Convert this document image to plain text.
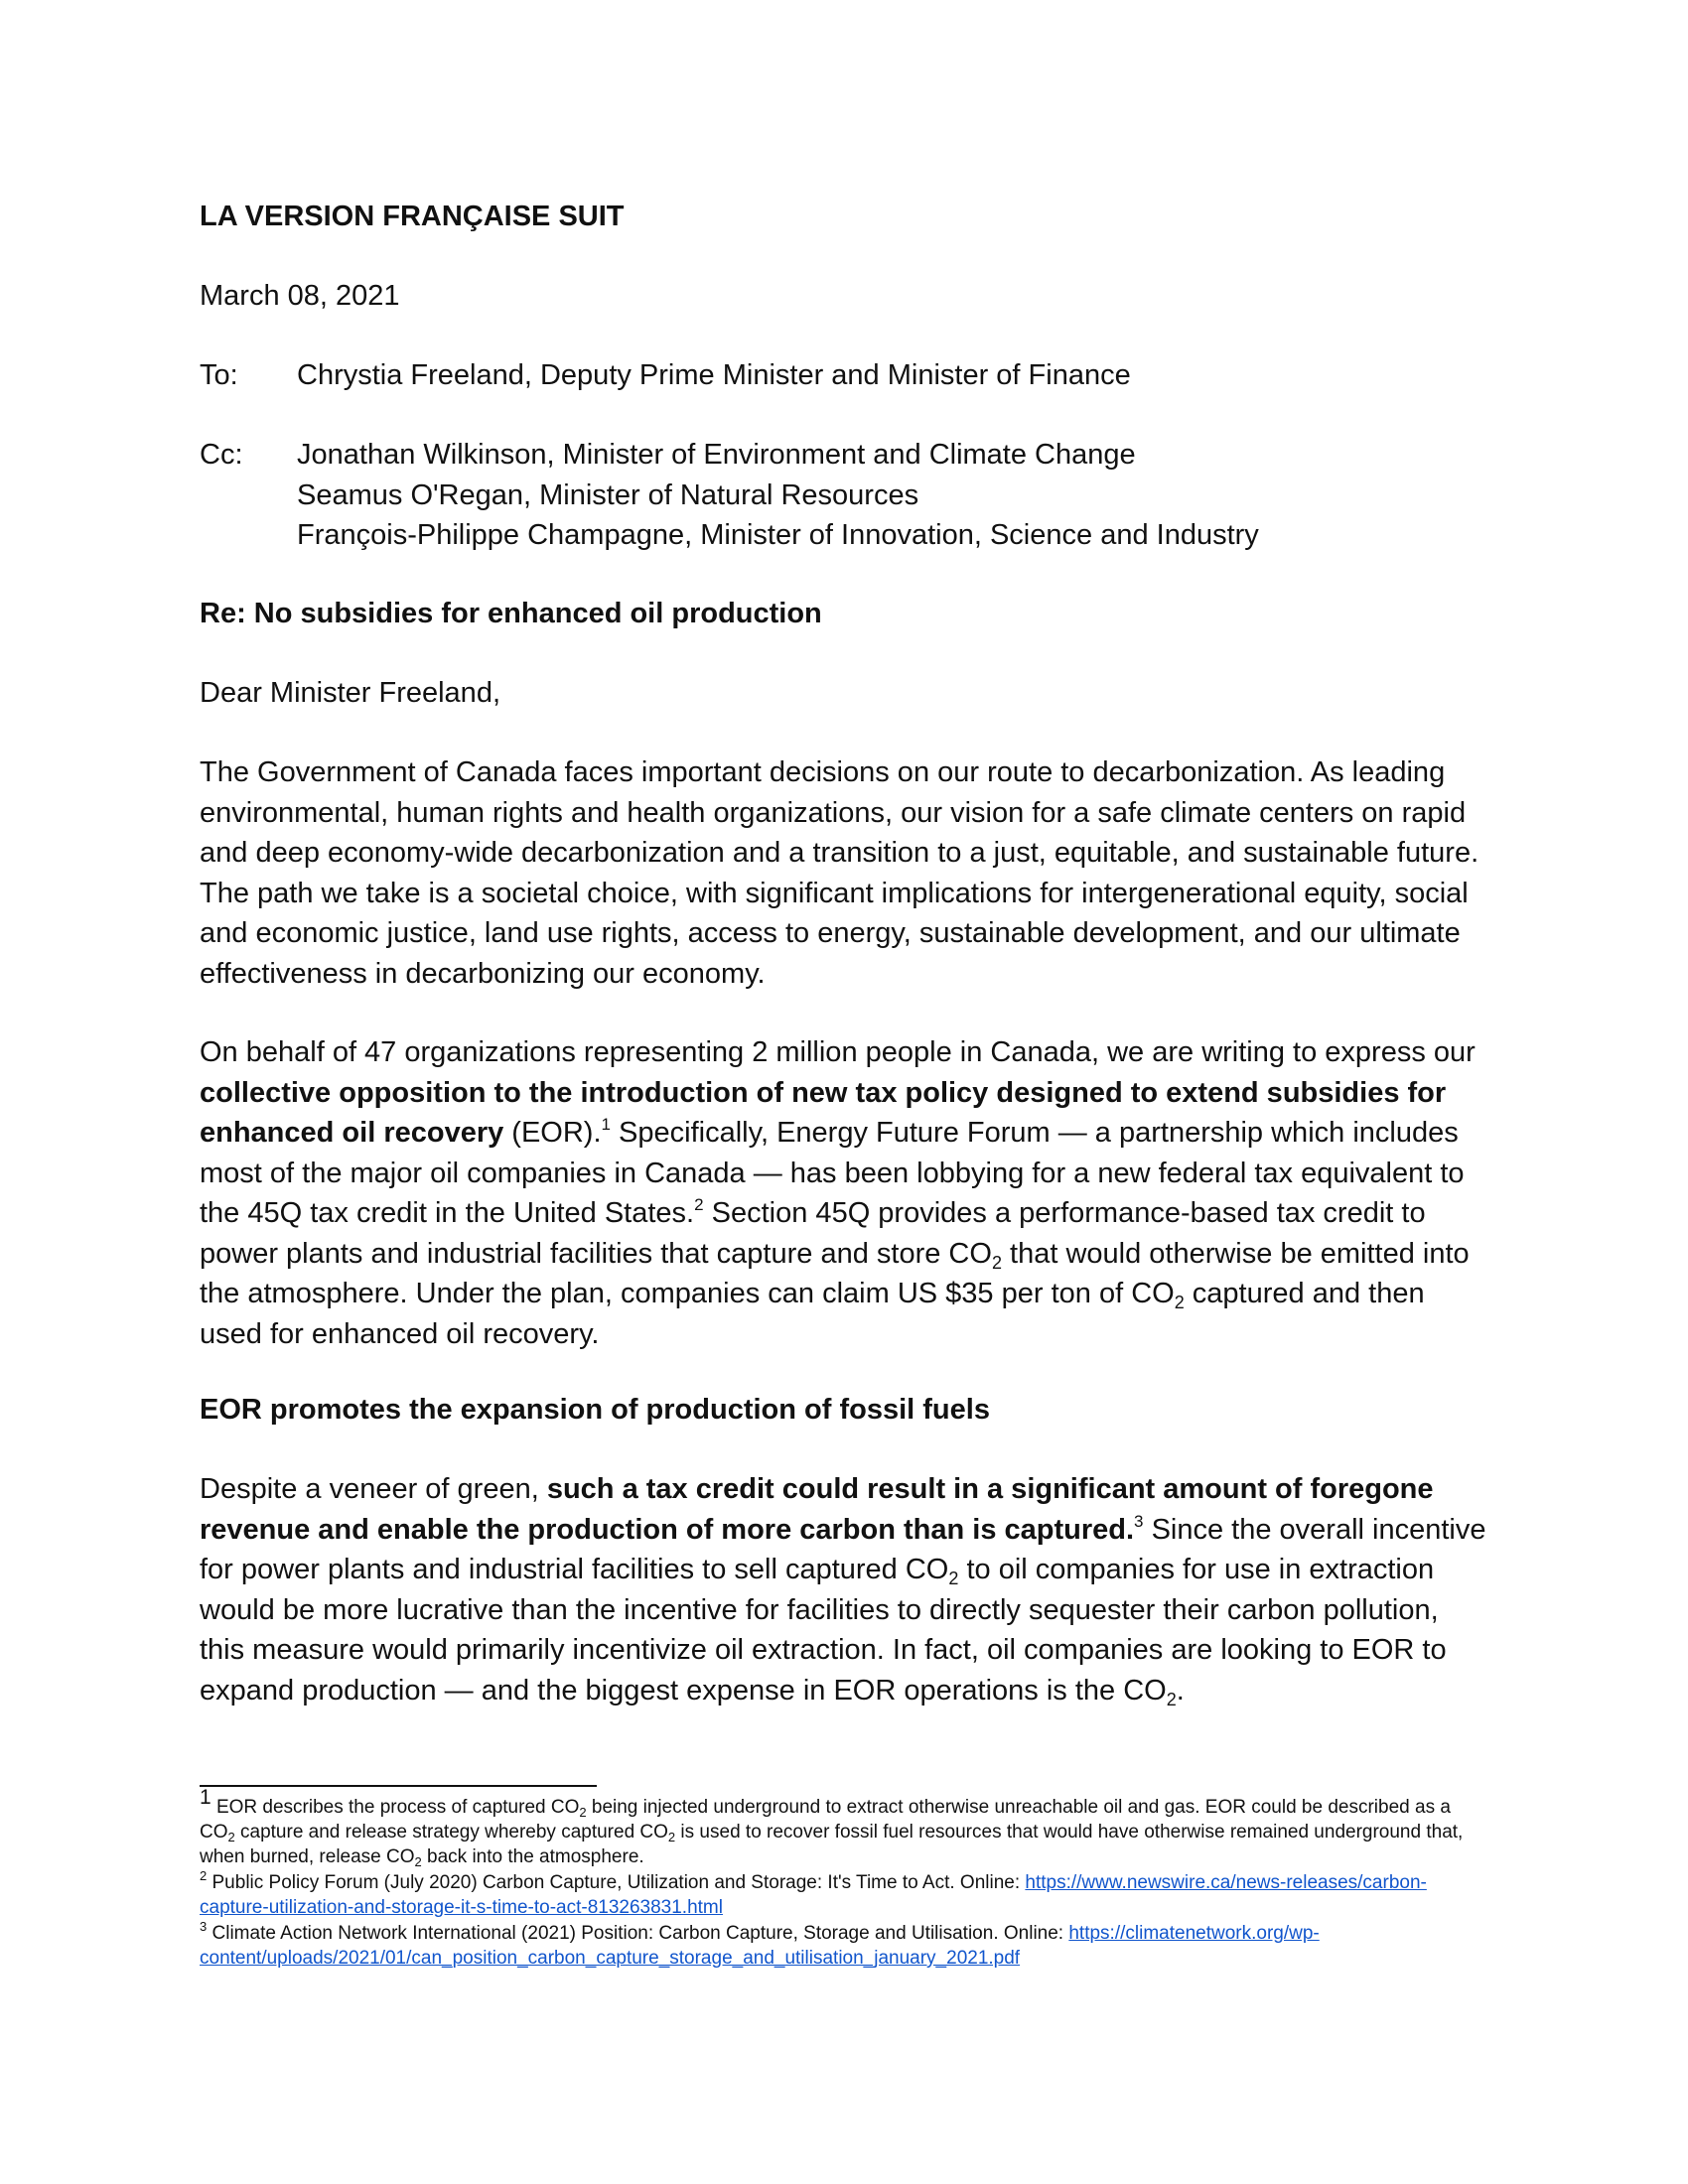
LA VERSION FRANÇAISE SUIT
March 08, 2021
To:	Chrystia Freeland, Deputy Prime Minister and Minister of Finance
Cc:	Jonathan Wilkinson, Minister of Environment and Climate Change
Seamus O'Regan, Minister of Natural Resources
François-Philippe Champagne, Minister of Innovation, Science and Industry
Re: No subsidies for enhanced oil production
Dear Minister Freeland,

The Government of Canada faces important decisions on our route to decarbonization. As leading environmental, human rights and health organizations, our vision for a safe climate centers on rapid and deep economy-wide decarbonization and a transition to a just, equitable, and sustainable future. The path we take is a societal choice, with significant implications for intergenerational equity, social and economic justice, land use rights, access to energy, sustainable development, and our ultimate effectiveness in decarbonizing our economy.

On behalf of 47 organizations representing 2 million people in Canada, we are writing to express our collective opposition to the introduction of new tax policy designed to extend subsidies for enhanced oil recovery (EOR).$^1$ Specifically, Energy Future Forum — a partnership which includes most of the major oil companies in Canada — has been lobbying for a new federal tax equivalent to the 45Q tax credit in the United States.$^2$ Section 45Q provides a performance-based tax credit to power plants and industrial facilities that capture and store $CO_2$ that would otherwise be emitted into the atmosphere. Under the plan, companies can claim US $35 per ton of $CO_2$ captured and then used for enhanced oil recovery.

EOR promotes the expansion of production of fossil fuels

Despite a veneer of green, such a tax credit could result in a significant amount of foregone revenue and enable the production of more carbon than is captured.$^3$ Since the overall incentive for power plants and industrial facilities to sell captured $CO_2$ to oil companies for use in extraction would be more lucrative than the incentive for facilities to directly sequester their carbon pollution, this measure would primarily incentivize oil extraction. In fact, oil companies are looking to EOR to expand production — and the biggest expense in EOR operations is the $CO_2$.

1 EOR describes the process of captured $CO_2$ being injected underground to extract otherwise unreachable oil and gas. EOR could be described as a $CO_2$ capture and release strategy whereby captured $CO_2$ is used to recover fossil fuel resources that would have otherwise remained underground that, when burned, release $CO_2$ back into the atmosphere.

$^2$ Public Policy Forum (July 2020) Carbon Capture, Utilization and Storage: It's Time to Act. Online: https://www.newswire.ca/news-releases/carbon-capture-utilization-and-storage-it-s-time-to-act-813263831.html

$^3$ Climate Action Network International (2021) Position: Carbon Capture, Storage and Utilisation. Online: https://climatenetwork.org/wp-content/uploads/2021/01/can_position_carbon_capture_storage_and_utilisation_january_2021.pdf
